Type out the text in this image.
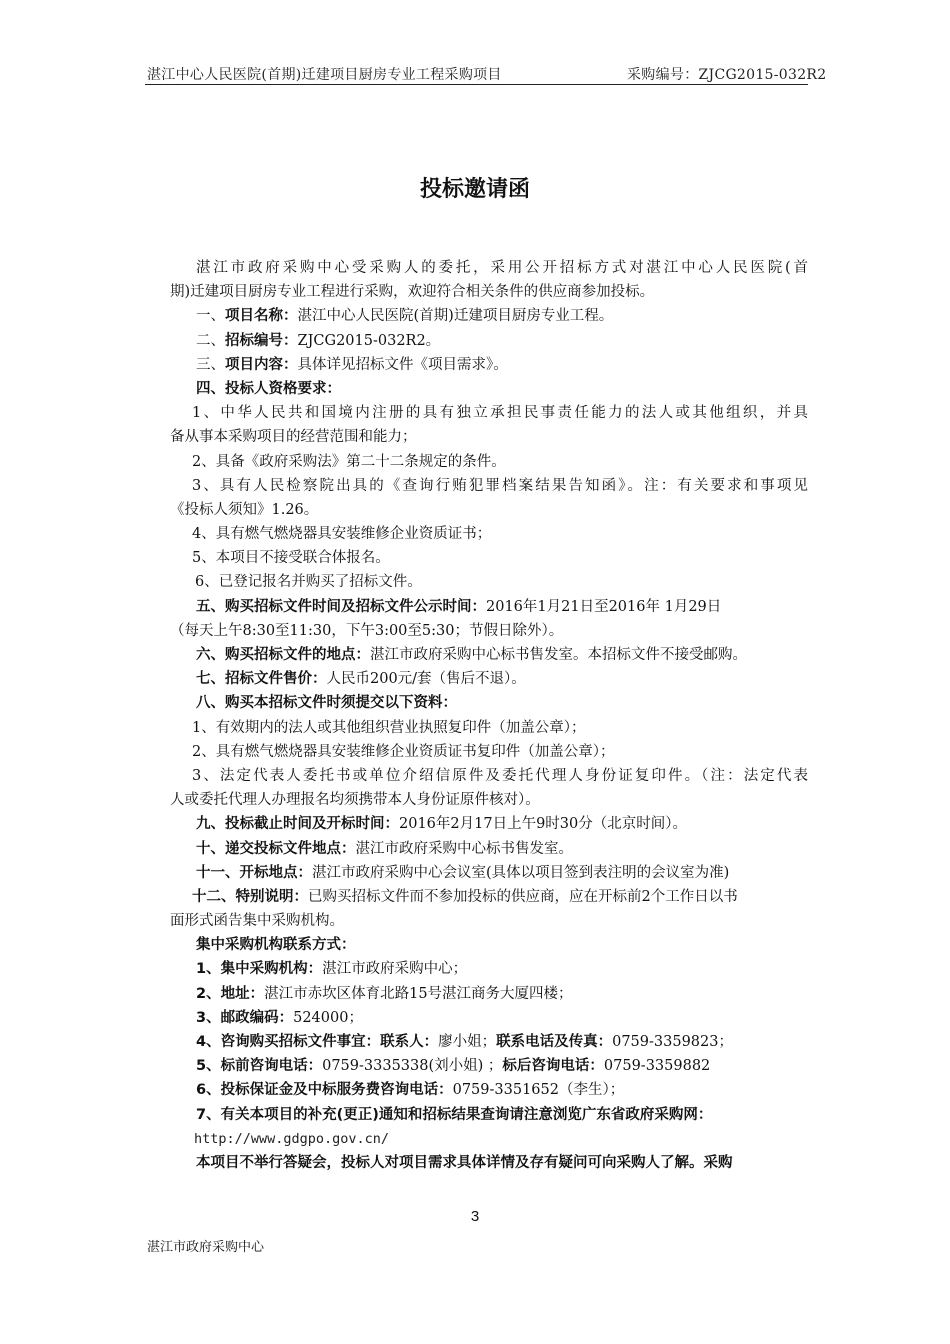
湛江中心人民医院(首期)迁建项目厨房专业工程采购项目	采购编号：ZJCG2015-032R2
投标邀请函
湛江市政府采购中心受采购人的委托，采用公开招标方式对湛江中心人民医院(首
期)迁建项目厨房专业工程进行采购，欢迎符合相关条件的供应商参加投标。
一、项目名称：湛江中心人民医院(首期)迁建项目厨房专业工程。
二、招标编号：ZJCG2015-032R2。
三、项目内容：具体详见招标文件《项目需求》。
四、投标人资格要求：
1、中华人民共和国境内注册的具有独立承担民事责任能力的法人或其他组织，并具
备从事本采购项目的经营范围和能力；
2、具备《政府采购法》第二十二条规定的条件。
3、具有人民检察院出具的《查询行贿犯罪档案结果告知函》。注：有关要求和事项见
《投标人须知》1.26。
4、具有燃气燃烧器具安装维修企业资质证书；
5、本项目不接受联合体报名。
6、已登记报名并购买了招标文件。
五、购买招标文件时间及招标文件公示时间：2016年1月21日至2016年 1月29日
（每天上午8:30至11:30，下午3:00至5:30；节假日除外）。
六、购买招标文件的地点：湛江市政府采购中心标书售发室。本招标文件不接受邮购。
七、招标文件售价：人民币200元/套（售后不退）。
八、购买本招标文件时须提交以下资料：
1、有效期内的法人或其他组织营业执照复印件（加盖公章）；
2、具有燃气燃烧器具安装维修企业资质证书复印件（加盖公章）；
3、法定代表人委托书或单位介绍信原件及委托代理人身份证复印件。（注：法定代表
人或委托代理人办理报名均须携带本人身份证原件核对）。
九、投标截止时间及开标时间：2016年2月17日上午9时30分（北京时间）。
十、递交投标文件地点：湛江市政府采购中心标书售发室。
十一、开标地点：湛江市政府采购中心会议室(具体以项目签到表注明的会议室为准)
十二、特别说明：已购买招标文件而不参加投标的供应商，应在开标前2个工作日以书
面形式函告集中采购机构。
集中采购机构联系方式：
1、集中采购机构：湛江市政府采购中心；
2、地址：湛江市赤坎区体育北路15号湛江商务大厦四楼；
3、邮政编码：524000；
4、咨询购买招标文件事宜：联系人：廖小姐；联系电话及传真：0759-3359823；
5、标前咨询电话：0759-3335338(刘小姐) ；标后咨询电话：0759-3359882
6、投标保证金及中标服务费咨询电话：0759-3351652（李生）；
7、有关本项目的补充(更正)通知和招标结果查询请注意浏览广东省政府采购网：
http://www.gdgpo.gov.cn/
本项目不举行答疑会，投标人对项目需求具体详情及存有疑问可向采购人了解。采购
3
湛江市政府采购中心
